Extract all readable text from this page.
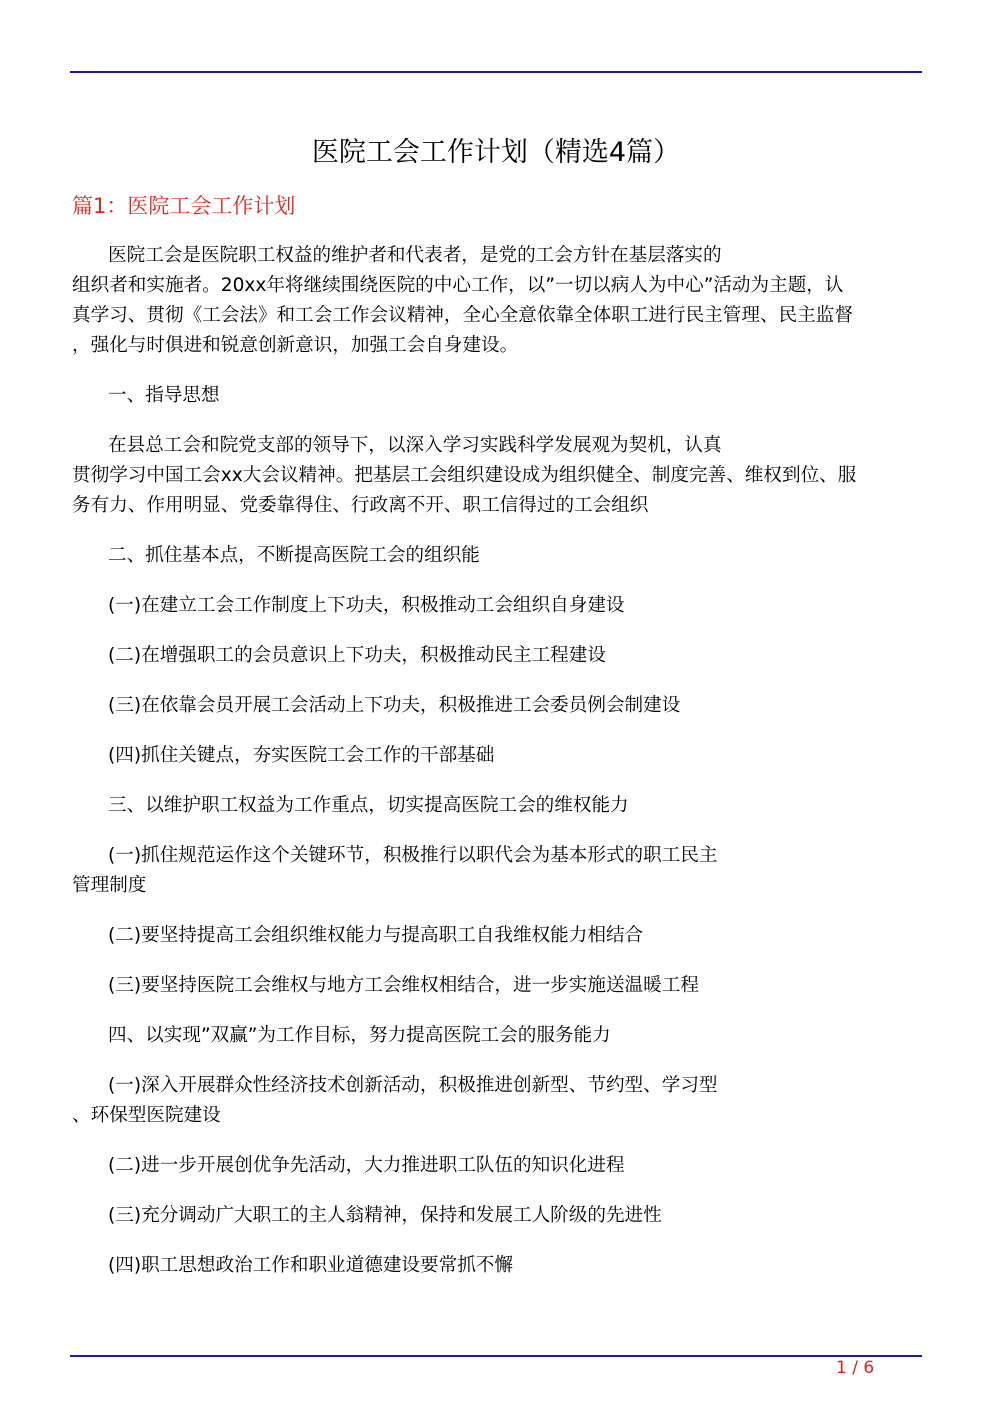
医院工会工作计划（精选4篇）
篇1：医院工会工作计划
医院工会是医院职工权益的维护者和代表者，是党的工会方针在基层落实的
组织者和实施者。20xx年将继续围绕医院的中心工作，以”一切以病人为中心”活动为主题，认
真学习、贯彻《工会法》和工会工作会议精神，全心全意依靠全体职工进行民主管理、民主监督
，强化与时俱进和锐意创新意识，加强工会自身建设。
一、指导思想
在县总工会和院党支部的领导下，以深入学习实践科学发展观为契机，认真
贯彻学习中国工会xx大会议精神。把基层工会组织建设成为组织健全、制度完善、维权到位、服
务有力、作用明显、党委靠得住、行政离不开、职工信得过的工会组织
二、抓住基本点，不断提高医院工会的组织能
(一)在建立工会工作制度上下功夫，积极推动工会组织自身建设
(二)在增强职工的会员意识上下功夫，积极推动民主工程建设
(三)在依靠会员开展工会活动上下功夫，积极推进工会委员例会制建设
(四)抓住关键点，夯实医院工会工作的干部基础
三、以维护职工权益为工作重点，切实提高医院工会的维权能力
(一)抓住规范运作这个关键环节，积极推行以职代会为基本形式的职工民主
管理制度
(二)要坚持提高工会组织维权能力与提高职工自我维权能力相结合
(三)要坚持医院工会维权与地方工会维权相结合，进一步实施送温暖工程
四、以实现”双赢”为工作目标，努力提高医院工会的服务能力
(一)深入开展群众性经济技术创新活动，积极推进创新型、节约型、学习型
、环保型医院建设
(二)进一步开展创优争先活动，大力推进职工队伍的知识化进程
(三)充分调动广大职工的主人翁精神，保持和发展工人阶级的先进性
(四)职工思想政治工作和职业道德建设要常抓不懈
1 / 6
